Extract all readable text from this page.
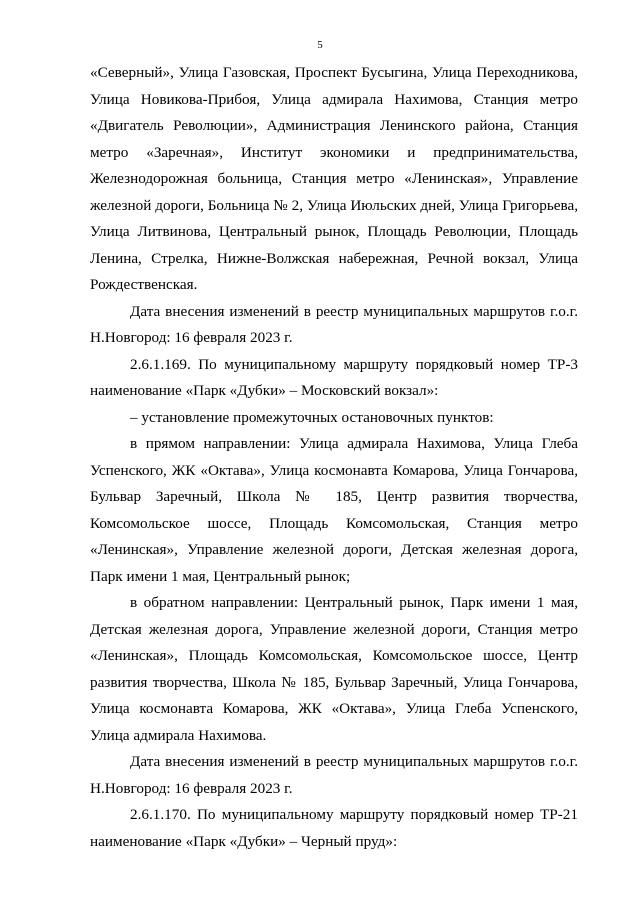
5

«Северный», Улица Газовская, Проспект Бусыгина, Улица Переходникова, Улица Новикова-Прибоя, Улица адмирала Нахимова, Станция метро «Двигатель Революции», Администрация Ленинского района, Станция метро «Заречная», Институт экономики и предпринимательства, Железнодорожная больница, Станция метро «Ленинская», Управление железной дороги, Больница № 2, Улица Июльских дней, Улица Григорьева, Улица Литвинова, Центральный рынок, Площадь Революции, Площадь Ленина, Стрелка, Нижне-Волжская набережная, Речной вокзал, Улица Рождественская.

Дата внесения изменений в реестр муниципальных маршрутов г.о.г. Н.Новгород: 16 февраля 2023 г.

2.6.1.169. По муниципальному маршруту порядковый номер ТР-3 наименование «Парк «Дубки» – Московский вокзал»:

– установление промежуточных остановочных пунктов:

в прямом направлении: Улица адмирала Нахимова, Улица Глеба Успенского, ЖК «Октава», Улица космонавта Комарова, Улица Гончарова, Бульвар Заречный, Школа № 185, Центр развития творчества, Комсомольское шоссе, Площадь Комсомольская, Станция метро «Ленинская», Управление железной дороги, Детская железная дорога, Парк имени 1 мая, Центральный рынок;

в обратном направлении: Центральный рынок, Парк имени 1 мая, Детская железная дорога, Управление железной дороги, Станция метро «Ленинская», Площадь Комсомольская, Комсомольское шоссе, Центр развития творчества, Школа № 185, Бульвар Заречный, Улица Гончарова, Улица космонавта Комарова, ЖК «Октава», Улица Глеба Успенского, Улица адмирала Нахимова.

Дата внесения изменений в реестр муниципальных маршрутов г.о.г. Н.Новгород: 16 февраля 2023 г.

2.6.1.170. По муниципальному маршруту порядковый номер ТР-21 наименование «Парк «Дубки» – Черный пруд»:
